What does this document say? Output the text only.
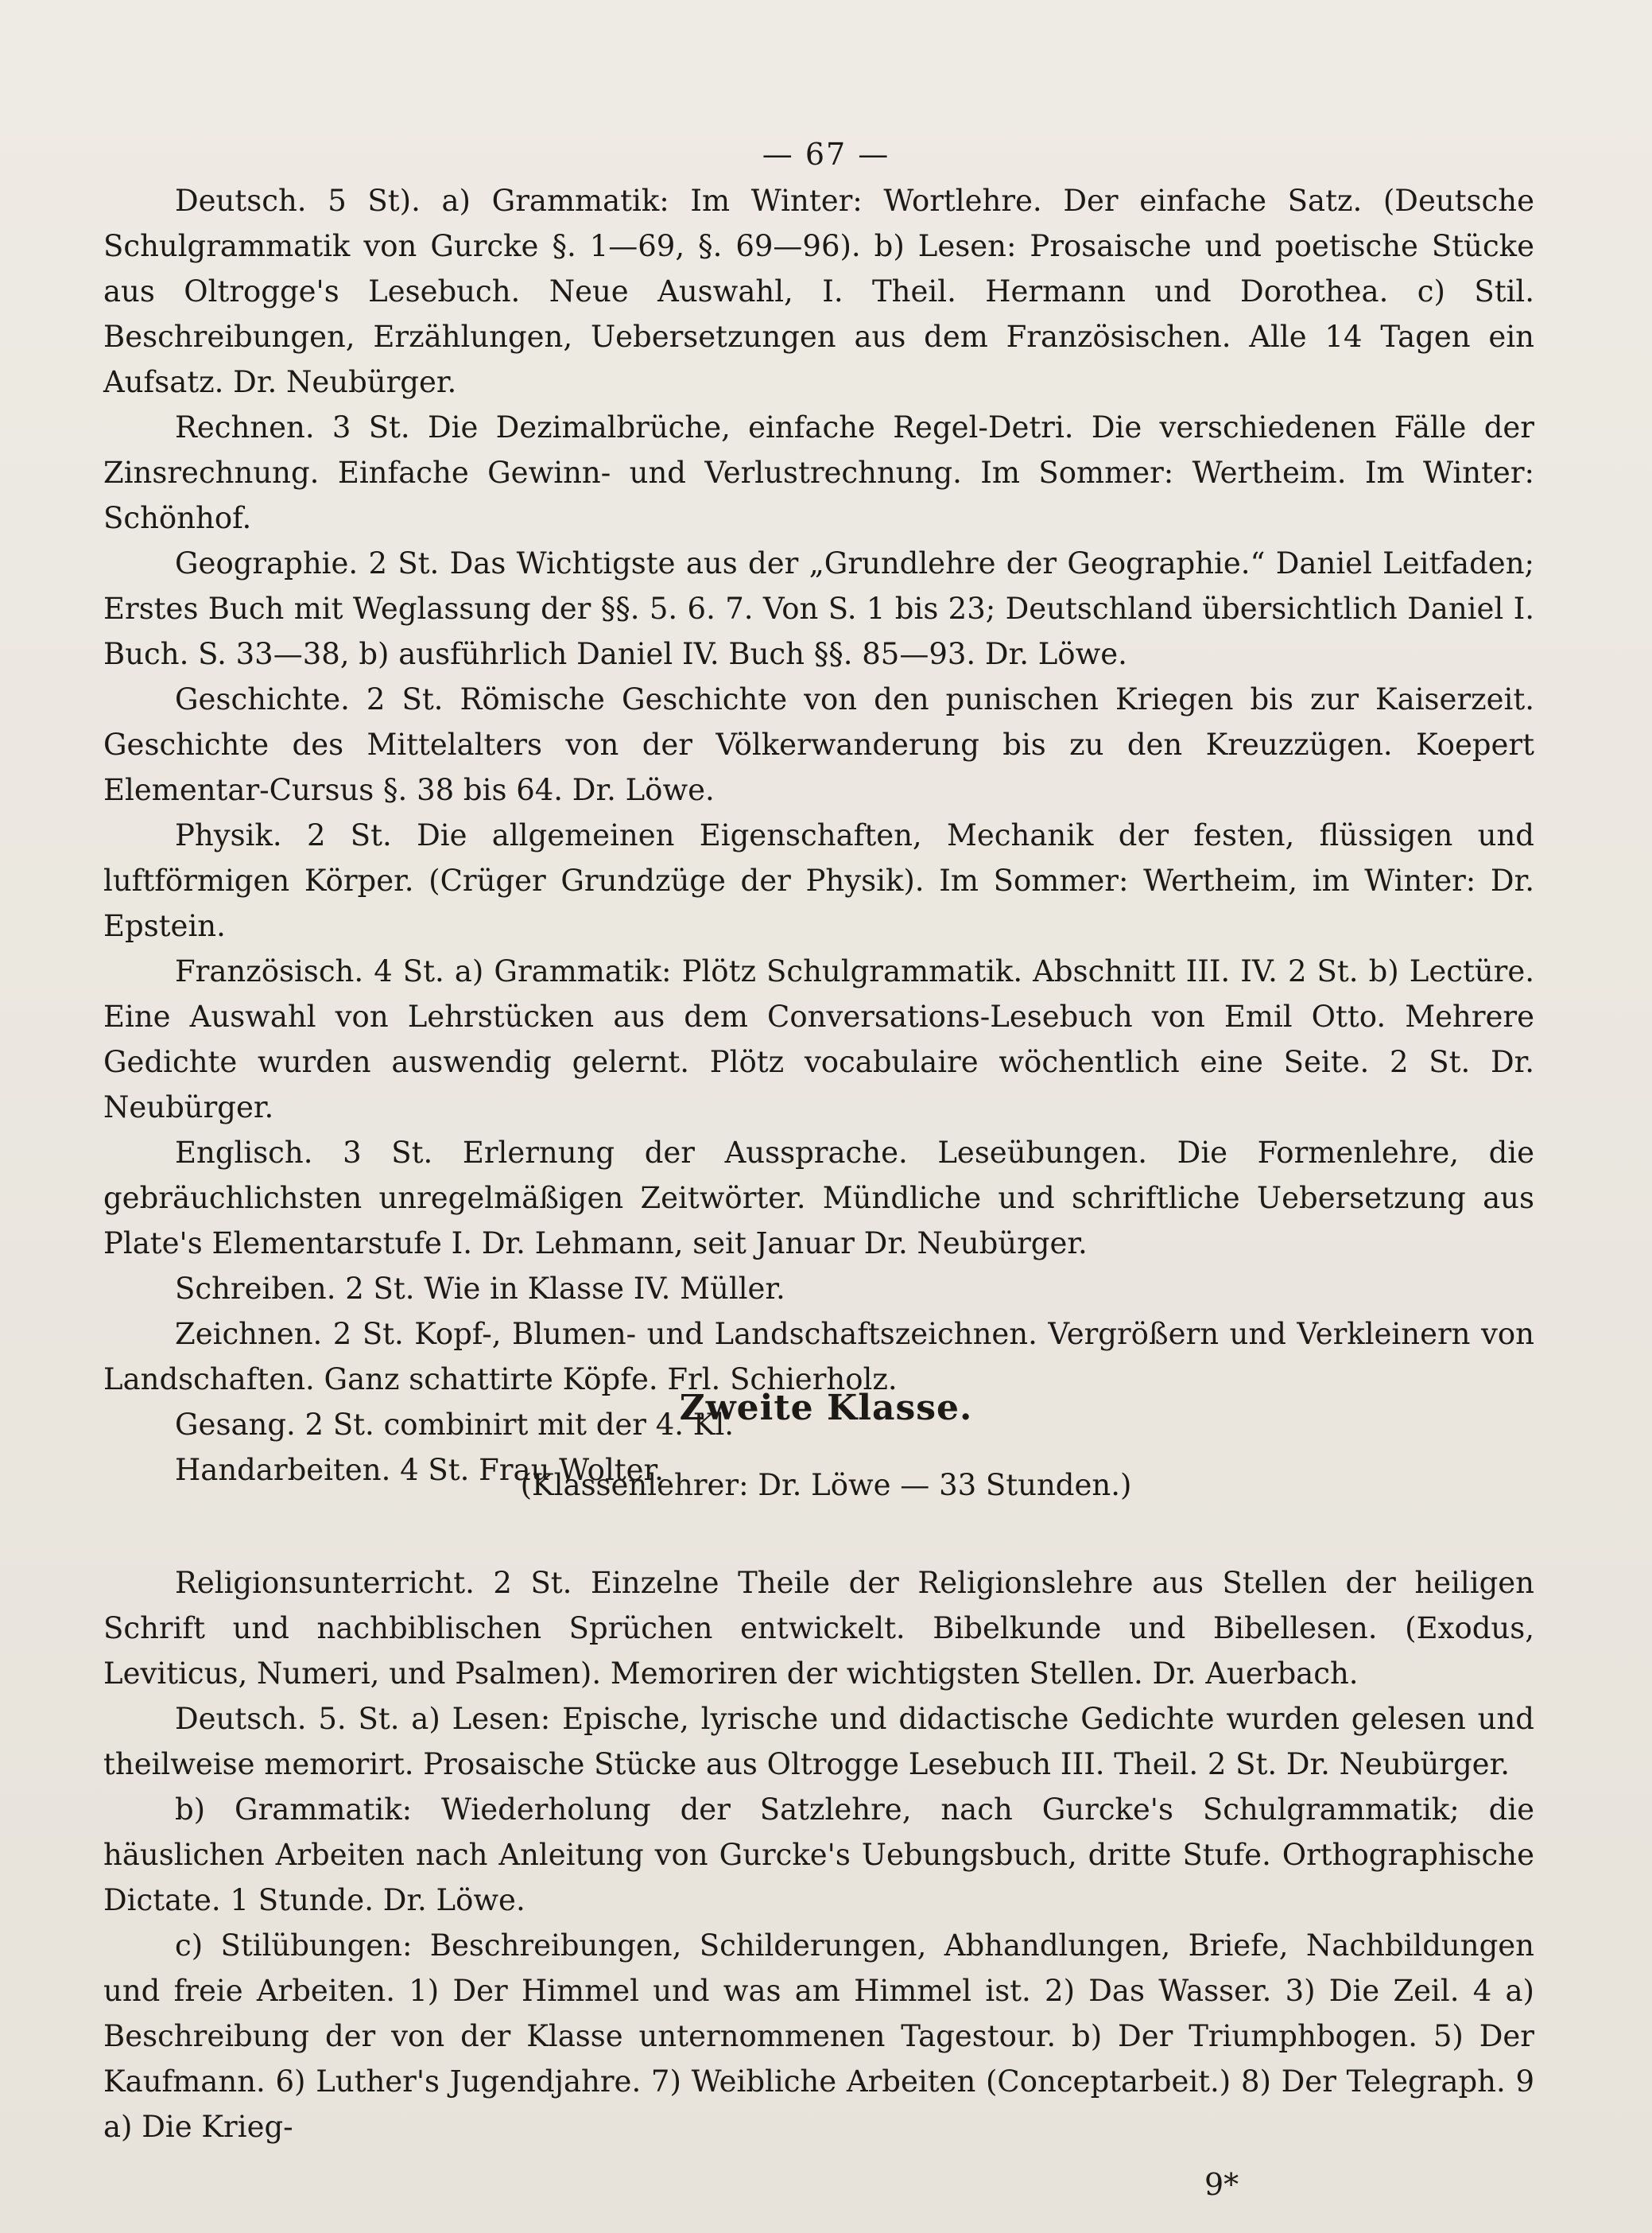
— 67 —

Deutsch. 5 St). a) Grammatik: Im Winter: Wortlehre. Der einfache Satz. (Deutsche Schulgrammatik von Gurcke §. 1—69, §. 69—96). b) Lesen: Prosaische und poetische Stücke aus Oltrogge's Lesebuch. Neue Auswahl, I. Theil. Hermann und Dorothea. c) Stil. Beschreibungen, Erzählungen, Uebersetzungen aus dem Französischen. Alle 14 Tagen ein Aufsatz. Dr. Neubürger.

Rechnen. 3 St. Die Dezimalbrüche, einfache Regel-Detri. Die verschiedenen Fälle der Zinsrechnung. Einfache Gewinn- und Verlustrechnung. Im Sommer: Wertheim. Im Winter: Schönhof.

Geographie. 2 St. Das Wichtigste aus der „Grundlehre der Geographie.“ Daniel Leitfaden; Erstes Buch mit Weglassung der §§. 5. 6. 7. Von S. 1 bis 23; Deutschland übersichtlich Daniel I. Buch. S. 33—38, b) ausführlich Daniel IV. Buch §§. 85—93. Dr. Löwe.

Geschichte. 2 St. Römische Geschichte von den punischen Kriegen bis zur Kaiserzeit. Geschichte des Mittelalters von der Völkerwanderung bis zu den Kreuzzügen. Koepert Elementar-Cursus §. 38 bis 64. Dr. Löwe.

Physik. 2 St. Die allgemeinen Eigenschaften, Mechanik der festen, flüssigen und luftförmigen Körper. (Crüger Grundzüge der Physik). Im Sommer: Wertheim, im Winter: Dr. Epstein.

Französisch. 4 St. a) Grammatik: Plötz Schulgrammatik. Abschnitt III. IV. 2 St. b) Lectüre. Eine Auswahl von Lehrstücken aus dem Conversations-Lesebuch von Emil Otto. Mehrere Gedichte wurden auswendig gelernt. Plötz vocabulaire wöchentlich eine Seite. 2 St. Dr. Neubürger.

Englisch. 3 St. Erlernung der Aussprache. Leseübungen. Die Formenlehre, die gebräuchlichsten unregelmäßigen Zeitwörter. Mündliche und schriftliche Uebersetzung aus Plate's Elementarstufe I. Dr. Lehmann, seit Januar Dr. Neubürger.

Schreiben. 2 St. Wie in Klasse IV. Müller.

Zeichnen. 2 St. Kopf-, Blumen- und Landschaftszeichnen. Vergrößern und Verkleinern von Landschaften. Ganz schattirte Köpfe. Frl. Schierholz.

Gesang. 2 St. combinirt mit der 4. Kl.

Handarbeiten. 4 St. Frau Wolter.

Zweite Klasse.
(Klassenlehrer: Dr. Löwe — 33 Stunden.)

Religionsunterricht. 2 St. Einzelne Theile der Religionslehre aus Stellen der heiligen Schrift und nachbiblischen Sprüchen entwickelt. Bibelkunde und Bibellesen. (Exodus, Leviticus, Numeri, und Psalmen). Memoriren der wichtigsten Stellen. Dr. Auerbach.

Deutsch. 5. St. a) Lesen: Epische, lyrische und didactische Gedichte wurden gelesen und theilweise memorirt. Prosaische Stücke aus Oltrogge Lesebuch III. Theil. 2 St. Dr. Neubürger.

b) Grammatik: Wiederholung der Satzlehre, nach Gurcke's Schulgrammatik; die häuslichen Arbeiten nach Anleitung von Gurcke's Uebungsbuch, dritte Stufe. Orthographische Dictate. 1 Stunde. Dr. Löwe.

c) Stilübungen: Beschreibungen, Schilderungen, Abhandlungen, Briefe, Nachbildungen und freie Arbeiten. 1) Der Himmel und was am Himmel ist. 2) Das Wasser. 3) Die Zeil. 4 a) Beschreibung der von der Klasse unternommenen Tagestour. b) Der Triumphbogen. 5) Der Kaufmann. 6) Luther's Jugendjahre. 7) Weibliche Arbeiten (Conceptarbeit.) 8) Der Telegraph. 9 a) Die Krieg-

9*
